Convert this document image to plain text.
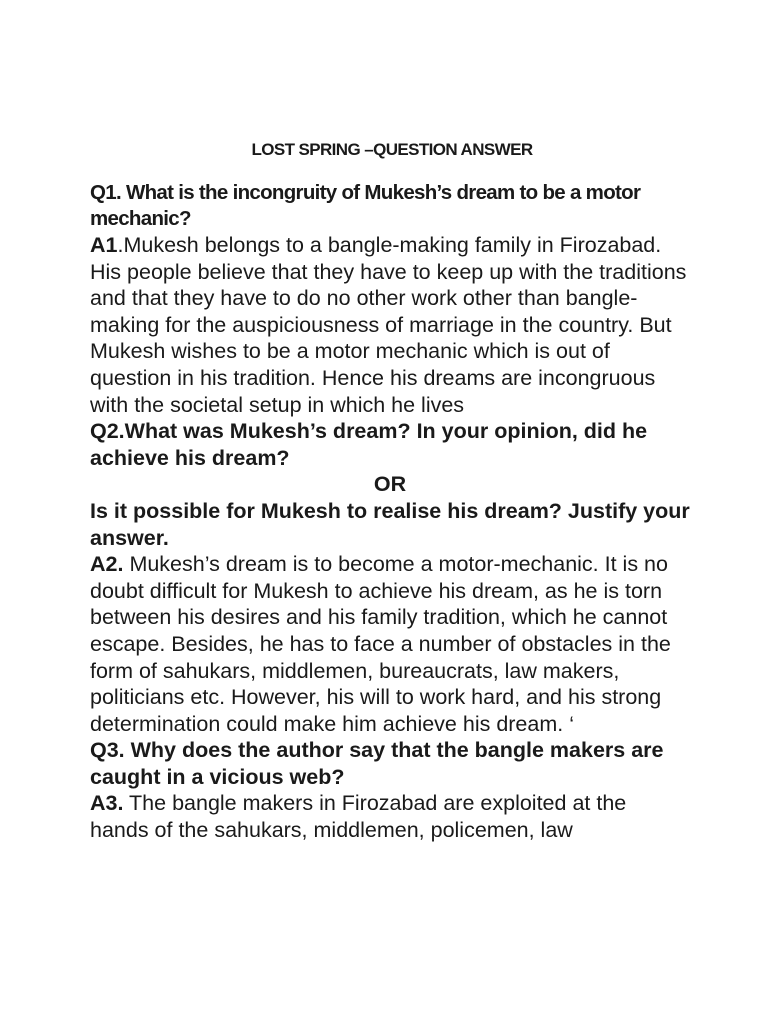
LOST SPRING –QUESTION ANSWER

Q1. What is the incongruity of Mukesh’s dream to be a motor mechanic?

A1.Mukesh belongs to a bangle-making family in Firozabad. His people believe that they have to keep up with the traditions and that they have to do no other work other than bangle-making for the auspiciousness of marriage in the country. But Mukesh wishes to be a motor mechanic which is out of question in his tradition. Hence his dreams are incongruous with the societal setup in which he lives

Q2.What was Mukesh’s dream? In your opinion, did he achieve his dream?

OR

Is it possible for Mukesh to realise his dream? Justify your answer.

A2. Mukesh’s dream is to become a motor-mechanic. It is no doubt difficult for Mukesh to achieve his dream, as he is torn between his desires and his family tradition, which he cannot escape. Besides, he has to face a number of obstacles in the form of sahukars, middlemen, bureaucrats, law makers, politicians etc. However, his will to work hard, and his strong determination could make him achieve his dream. ‘

Q3. Why does the author say that the bangle makers are caught in a vicious web?

A3. The bangle makers in Firozabad are exploited at the hands of the sahukars, middlemen, policemen, law
